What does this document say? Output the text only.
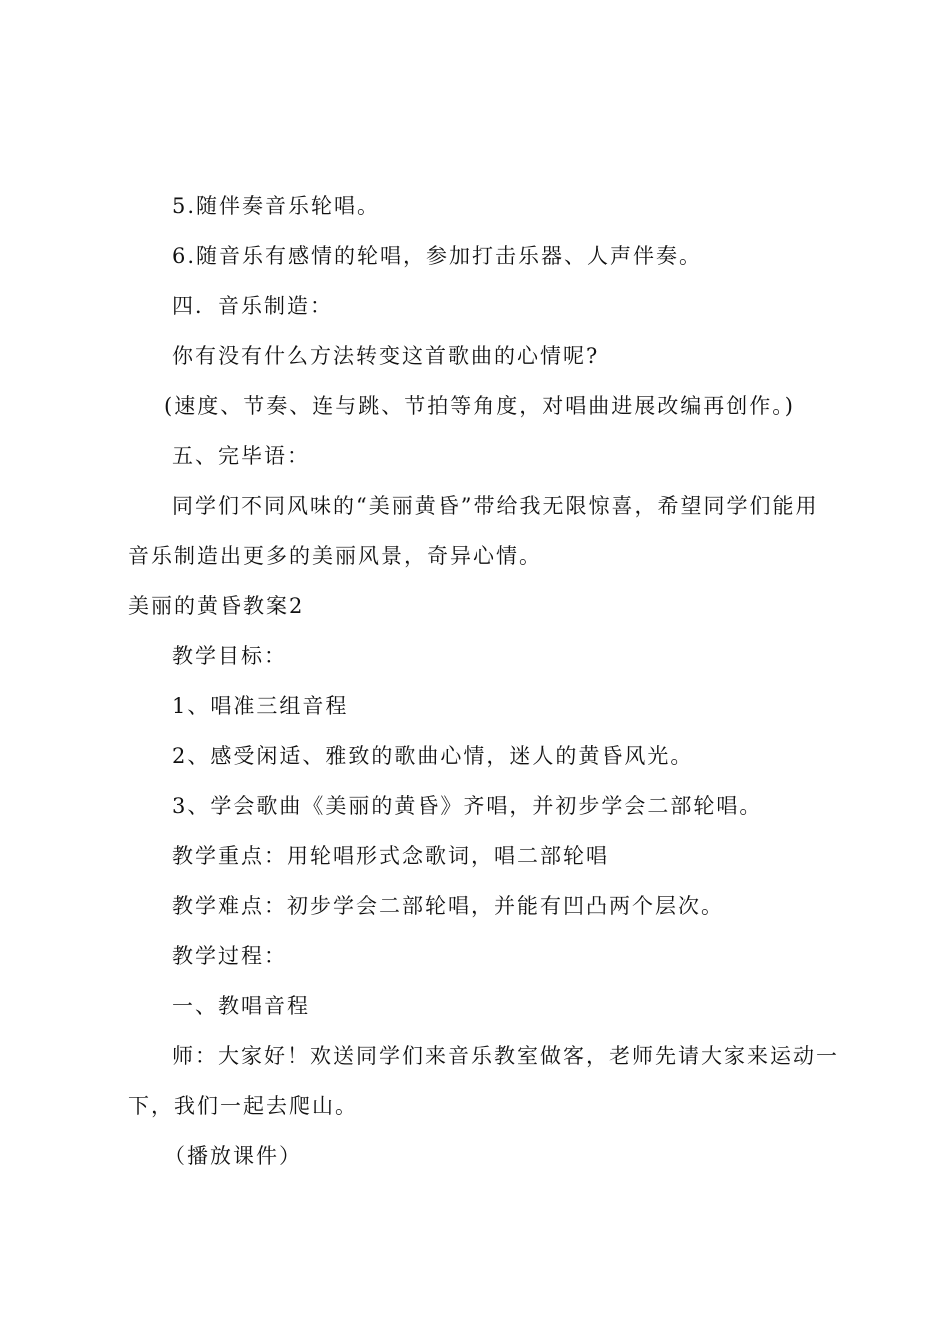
5.随伴奏音乐轮唱。
6.随音乐有感情的轮唱，参加打击乐器、人声伴奏。
四．音乐制造：
你有没有什么方法转变这首歌曲的心情呢?
(速度、节奏、连与跳、节拍等角度，对唱曲进展改编再创作。)
五、完毕语：
同学们不同风味的“美丽黄昏”带给我无限惊喜，希望同学们能用
音乐制造出更多的美丽风景，奇异心情。
美丽的黄昏教案2
教学目标：
1、唱准三组音程
2、感受闲适、雅致的歌曲心情，迷人的黄昏风光。
3、学会歌曲《美丽的黄昏》齐唱，并初步学会二部轮唱。
教学重点：用轮唱形式念歌词，唱二部轮唱
教学难点：初步学会二部轮唱，并能有凹凸两个层次。
教学过程：
一、教唱音程
师：大家好！欢送同学们来音乐教室做客，老师先请大家来运动一
下，我们一起去爬山。
（播放课件）
